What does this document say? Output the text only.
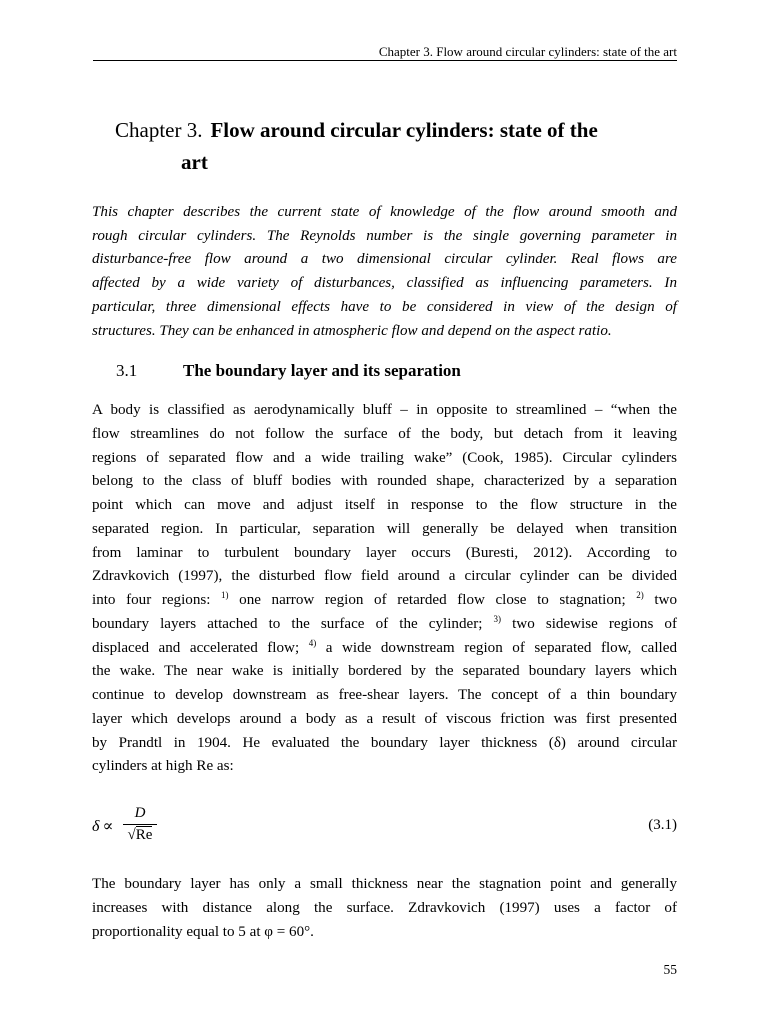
Chapter 3. Flow around circular cylinders: state of the art
Chapter 3. Flow around circular cylinders: state of the
art
This chapter describes the current state of knowledge of the flow around smooth and
rough circular cylinders. The Reynolds number is the single governing parameter in
disturbance-free flow around a two dimensional circular cylinder. Real flows are
affected by a wide variety of disturbances, classified as influencing parameters. In
particular, three dimensional effects have to be considered in view of the design of
structures. They can be enhanced in atmospheric flow and depend on the aspect ratio.
3.1	The boundary layer and its separation
A body is classified as aerodynamically bluff – in opposite to streamlined – “when the
flow streamlines do not follow the surface of the body, but detach from it leaving
regions of separated flow and a wide trailing wake” (Cook, 1985). Circular cylinders
belong to the class of bluff bodies with rounded shape, characterized by a separation
point which can move and adjust itself in response to the flow structure in the
separated region. In particular, separation will generally be delayed when transition
from laminar to turbulent boundary layer occurs (Buresti, 2012). According to
Zdravkovich (1997), the disturbed flow field around a circular cylinder can be divided
into four regions: $^{1)}$ one narrow region of retarded flow close to stagnation; $^{2)}$ two
boundary layers attached to the surface of the cylinder; $^{3)}$ two sidewise regions of
displaced and accelerated flow; $^{4)}$ a wide downstream region of separated flow, called
the wake. The near wake is initially bordered by the separated boundary layers which
continue to develop downstream as free-shear layers. The concept of a thin boundary
layer which develops around a body as a result of viscous friction was first presented
by Prandtl in 1904. He evaluated the boundary layer thickness (δ) around circular
cylinders at high Re as:
δ ∝
D
√Re
(3.1)
The boundary layer has only a small thickness near the stagnation point and generally
increases with distance along the surface. Zdravkovich (1997) uses a factor of
proportionality equal to 5 at φ = 60°.
55
